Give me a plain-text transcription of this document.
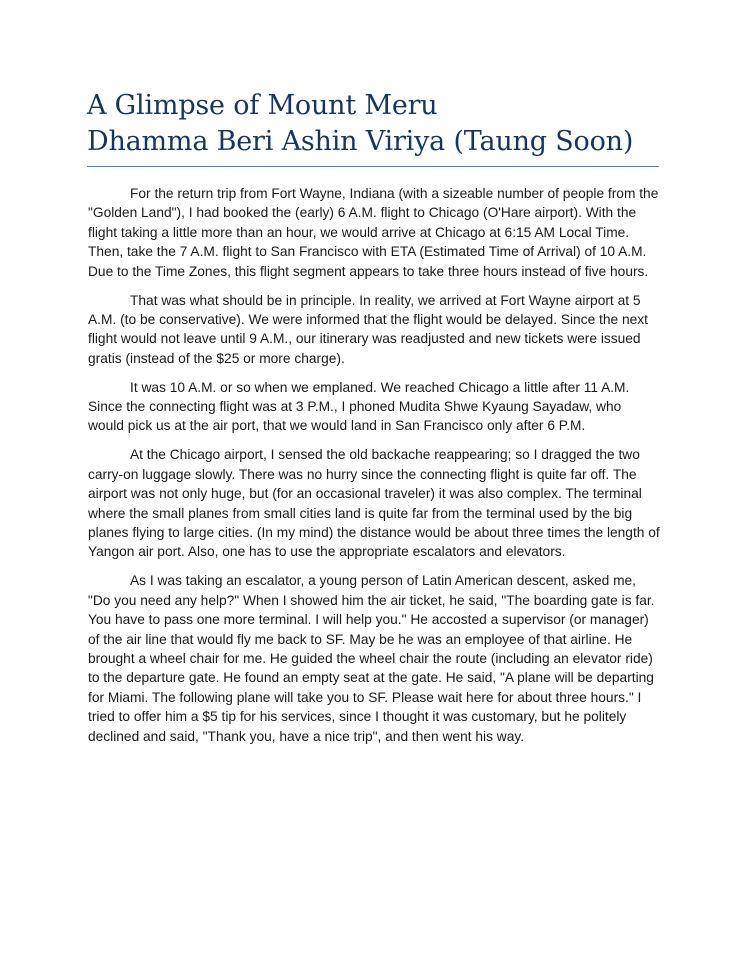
A Glimpse of Mount Meru
Dhamma Beri Ashin Viriya (Taung Soon)

For the return trip from Fort Wayne, Indiana (with a sizeable number of people from the "Golden Land"), I had booked the (early) 6 A.M. flight to Chicago (O'Hare airport). With the flight taking a little more than an hour, we would arrive at Chicago at 6:15 AM Local Time. Then, take the 7 A.M. flight to San Francisco with ETA (Estimated Time of Arrival) of 10 A.M. Due to the Time Zones, this flight segment appears to take three hours instead of five hours.

That was what should be in principle. In reality, we arrived at Fort Wayne airport at 5 A.M. (to be conservative). We were informed that the flight would be delayed. Since the next flight would not leave until 9 A.M., our itinerary was readjusted and new tickets were issued gratis (instead of the $25 or more charge).

It was 10 A.M. or so when we emplaned. We reached Chicago a little after 11 A.M. Since the connecting flight was at 3 P.M., I phoned Mudita Shwe Kyaung Sayadaw, who would pick us at the air port, that we would land in San Francisco only after 6 P.M.

At the Chicago airport, I sensed the old backache reappearing; so I dragged the two carry-on luggage slowly. There was no hurry since the connecting flight is quite far off. The airport was not only huge, but (for an occasional traveler) it was also complex. The terminal where the small planes from small cities land is quite far from the terminal used by the big planes flying to large cities. (In my mind) the distance would be about three times the length of Yangon air port. Also, one has to use the appropriate escalators and elevators.

As I was taking an escalator, a young person of Latin American descent, asked me, "Do you need any help?" When I showed him the air ticket, he said, "The boarding gate is far. You have to pass one more terminal. I will help you." He accosted a supervisor (or manager) of the air line that would fly me back to SF. May be he was an employee of that airline. He brought a wheel chair for me. He guided the wheel chair the route (including an elevator ride) to the departure gate. He found an empty seat at the gate. He said, "A plane will be departing for Miami. The following plane will take you to SF. Please wait here for about three hours." I tried to offer him a $5 tip for his services, since I thought it was customary, but he politely declined and said, "Thank you, have a nice trip", and then went his way.
